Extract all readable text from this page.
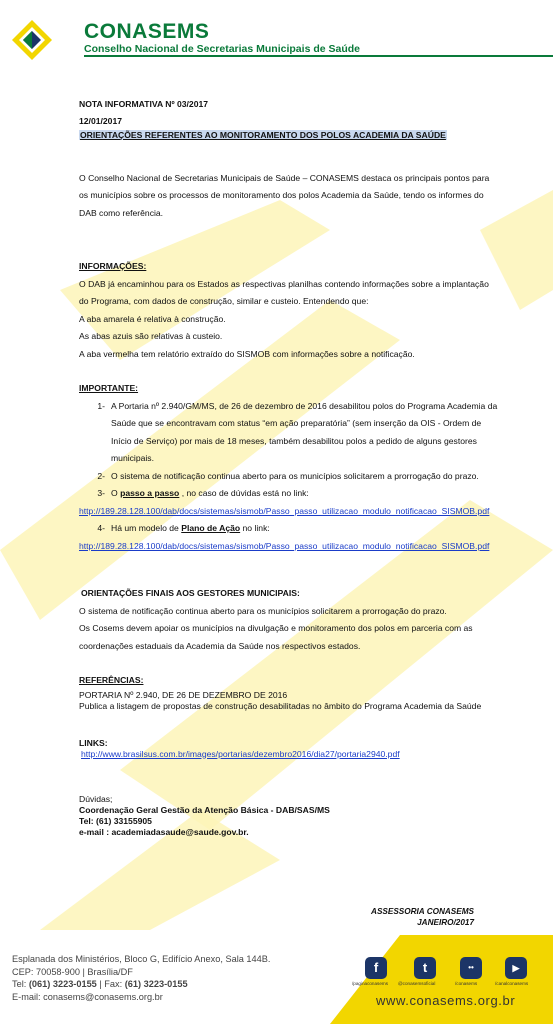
CONASEMS
Conselho Nacional de Secretarias Municipais de Saúde

NOTA INFORMATIVA Nº 03/2017

12/01/2017

ORIENTAÇÕES REFERENTES AO MONITORAMENTO DOS POLOS ACADEMIA DA SAÚDE

O Conselho Nacional de Secretarias Municipais de Saúde – CONASEMS destaca os principais pontos para os municípios sobre os processos de monitoramento dos polos Academia da Saúde, tendo os informes do DAB como referência.

INFORMAÇÕES:

O DAB já encaminhou para os Estados as respectivas planilhas contendo informações sobre a implantação do Programa, com dados de construção, similar e custeio. Entendendo que:

A aba amarela é relativa à construção.

As abas azuis são relativas à custeio.

A aba vermelha tem relatório extraído do SISMOB com informações sobre a notificação.

IMPORTANTE:

1- A Portaria nº 2.940/GM/MS, de 26 de dezembro de 2016 desabilitou polos do Programa Academia da Saúde que se encontravam com status “em ação preparatória” (sem inserção da OIS - Ordem de Início de Serviço) por mais de 18 meses, também desabilitou polos a pedido de alguns gestores municipais.
2- O sistema de notificação continua aberto para os municípios solicitarem a prorrogação do prazo.
3- O passo a passo , no caso de dúvidas está no link:

http://189.28.128.100/dab/docs/sistemas/sismob/Passo_passo_utilizacao_modulo_notificacao_SISMOB.pdf

4- Há um modelo de Plano de Ação no link:

http://189.28.128.100/dab/docs/sistemas/sismob/Passo_passo_utilizacao_modulo_notificacao_SISMOB.pdf

ORIENTAÇÕES FINAIS AOS GESTORES MUNICIPAIS:

O sistema de notificação continua aberto para os municípios solicitarem a prorrogação do prazo.

Os Cosems devem apoiar os municípios na divulgação e monitoramento dos polos em parceria com as coordenações estaduais da Academia da Saúde nos respectivos estados.

REFERÊNCIAS:

PORTARIA Nº 2.940, DE 26 DE DEZEMBRO DE 2016

Publica a listagem de propostas de construção desabilitadas no âmbito do Programa Academia da Saúde

LINKS:

http://www.brasilsus.com.br/images/portarias/dezembro2016/dia27/portaria2940.pdf

Dúvidas;

Coordenação Geral Gestão da Atenção Básica - DAB/SAS/MS

Tel: (61) 33155905

e-mail : academiadasaude@saude.gov.br.

ASSESSORIA CONASEMS
JANEIRO/2017
Esplanada dos Ministérios, Bloco G, Edifício Anexo, Sala 144B.
CEP: 70058-900 | Brasília/DF
Tel: (061) 3223-0155 | Fax: (61) 3223-0155
E-mail: conasems@conasems.org.br
f	t	••	▶
/paginaconasems @conasemsoficial	/conasems	/canalconasems
www.conasems.org.br
